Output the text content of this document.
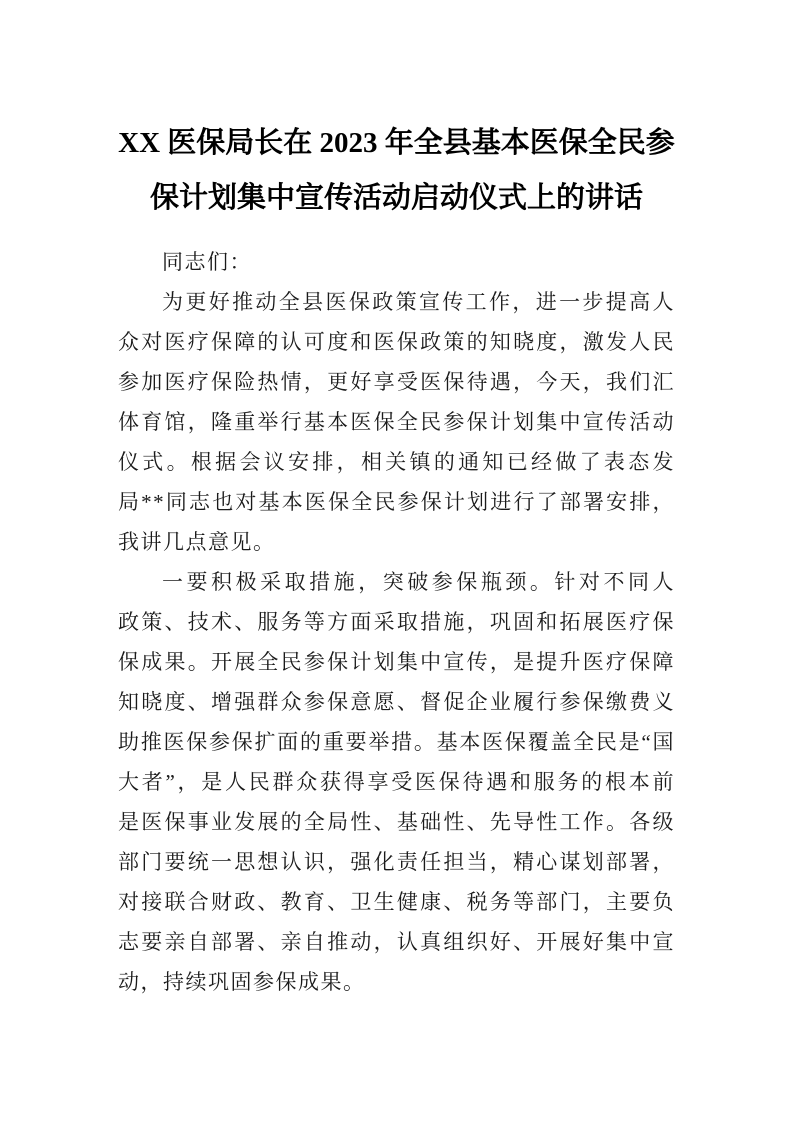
XX 医保局长在 2023 年全县基本医保全民参
保计划集中宣传活动启动仪式上的讲话
同志们：
为更好推动全县医保政策宣传工作，进一步提高人
众对医疗保障的认可度和医保政策的知晓度，激发人民
参加医疗保险热情，更好享受医保待遇，今天，我们汇
体育馆，隆重举行基本医保全民参保计划集中宣传活动
仪式。根据会议安排，相关镇的通知已经做了表态发
局**同志也对基本医保全民参保计划进行了部署安排，
我讲几点意见。
一要积极采取措施，突破参保瓶颈。针对不同人
政策、技术、服务等方面采取措施，巩固和拓展医疗保
保成果。开展全民参保计划集中宣传，是提升医疗保障
知晓度、增强群众参保意愿、督促企业履行参保缴费义
助推医保参保扩面的重要举措。基本医保覆盖全民是“国
大者”，是人民群众获得享受医保待遇和服务的根本前
是医保事业发展的全局性、基础性、先导性工作。各级
部门要统一思想认识，强化责任担当，精心谋划部署，
对接联合财政、教育、卫生健康、税务等部门，主要负
志要亲自部署、亲自推动，认真组织好、开展好集中宣
动，持续巩固参保成果。
